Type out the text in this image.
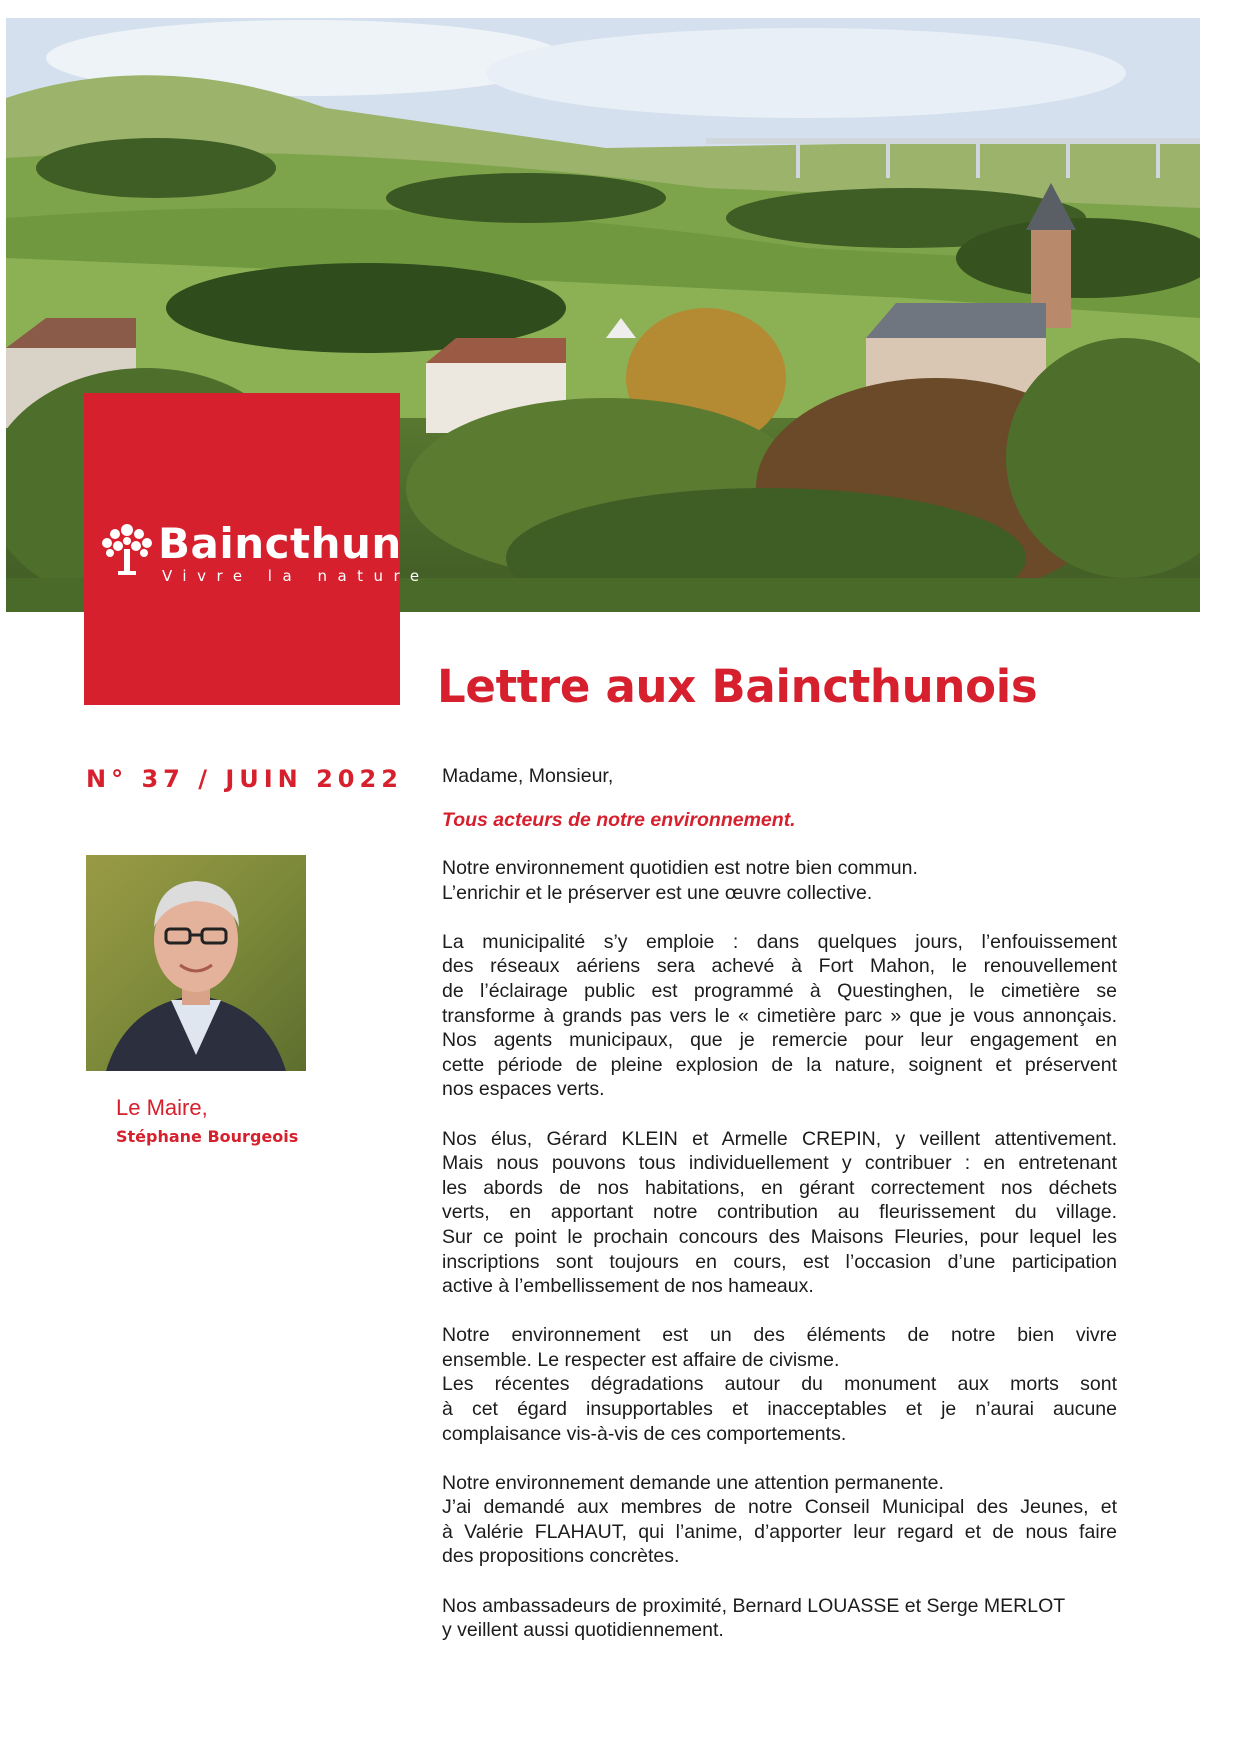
Baincthun
Vivre la nature
Lettre aux Baincthunois
N° 37 / JUIN 2022
Le Maire,
Stéphane Bourgeois
Madame, Monsieur,
Tous acteurs de notre environnement.
Notre environnement quotidien est notre bien commun.
L’enrichir et le préserver est une œuvre collective.
La municipalité s’y emploie : dans quelques jours, l’enfouissement
des réseaux aériens sera achevé à Fort Mahon, le renouvellement
de l’éclairage public est programmé à Questinghen, le cimetière se
transforme à grands pas vers le « cimetière parc » que je vous annonçais.
Nos agents municipaux, que je remercie pour leur engagement en
cette période de pleine explosion de la nature, soignent et préservent
nos espaces verts.
Nos élus, Gérard KLEIN et Armelle CREPIN, y veillent attentivement.
Mais nous pouvons tous individuellement y contribuer : en entretenant
les abords de nos habitations, en gérant correctement nos déchets
verts, en apportant notre contribution au fleurissement du village.
Sur ce point le prochain concours des Maisons Fleuries, pour lequel les
inscriptions sont toujours en cours, est l’occasion d’une participation
active à l’embellissement de nos hameaux.
Notre environnement est un des éléments de notre bien vivre
ensemble. Le respecter est affaire de civisme.
Les récentes dégradations autour du monument aux morts sont
à cet égard insupportables et inacceptables et je n’aurai aucune
complaisance vis-à-vis de ces comportements.
Notre environnement demande une attention permanente.
J’ai demandé aux membres de notre Conseil Municipal des Jeunes, et
à Valérie FLAHAUT, qui l’anime, d’apporter leur regard et de nous faire
des propositions concrètes.
Nos ambassadeurs de proximité, Bernard LOUASSE et Serge MERLOT
y veillent aussi quotidiennement.
